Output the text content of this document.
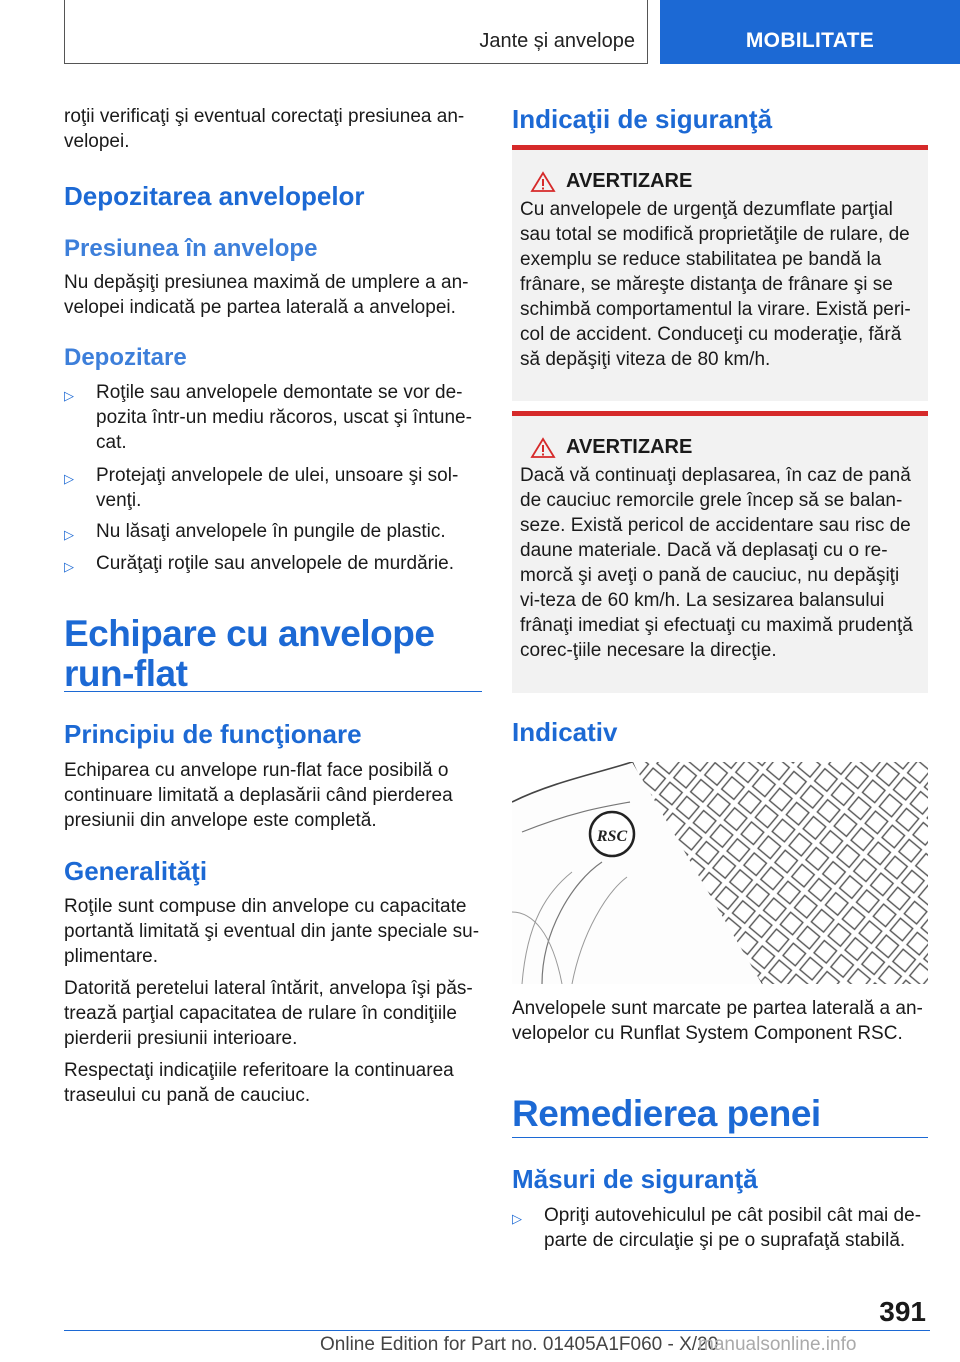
Jante și anvelope	MOBILITATE

roţii verificaţi şi eventual corectaţi presiunea an-velopei.

Depozitarea anvelopelor
Presiunea în anvelope

Nu depăşiţi presiunea maximă de umplere a an-velopei indicată pe partea laterală a anvelopei.

Depozitare
▷ Roţile sau anvelopele demontate se vor de-pozita într-un mediu răcoros, uscat şi întune-cat.
▷ Protejaţi anvelopele de ulei, unsoare şi sol-venţi.
▷ Nu lăsaţi anvelopele în pungile de plastic.
▷ Curăţaţi roţile sau anvelopele de murdărie.
Echipare cu anvelope run-flat
Principiu de funcţionare

Echiparea cu anvelope run-flat face posibilă o continuare limitată a deplasării când pierderea presiunii din anvelope este completă.

Generalităţi

Roţile sunt compuse din anvelope cu capacitate portantă limitată şi eventual din jante speciale su-plimentare.

Datorită peretelui lateral întărit, anvelopa îşi păs-trează parţial capacitatea de rulare în condiţiile pierderii presiunii interioare.

Respectaţi indicaţiile referitoare la continuarea traseului cu pană de cauciuc.

Indicaţii de siguranţă
AVERTIZARE

Cu anvelopele de urgenţă dezumflate parţial sau total se modifică proprietăţile de rulare, de exemplu se reduce stabilitatea pe bandă la frânare, se măreşte distanţa de frânare şi se schimbă comportamentul la virare. Există peri-col de accident. Conduceţi cu moderaţie, fără să depăşiţi viteza de 80 km/h.

AVERTIZARE

Dacă vă continuaţi deplasarea, în caz de pană de cauciuc remorcile grele încep să se balan-seze. Există pericol de accidentare sau risc de daune materiale. Dacă vă deplasaţi cu o re-morcă şi aveţi o pană de cauciuc, nu depăşiţi vi-teza de 60 km/h. La sesizarea balansului frânaţi imediat şi efectuaţi cu maximă prudenţă corec-ţiile necesare la direcţie.

Indicativ
RSC

Anvelopele sunt marcate pe partea laterală a an-velopelor cu Runflat System Component RSC.

Remedierea penei
Măsuri de siguranţă
▷ Opriţi autovehiculul pe cât posibil cât mai de-parte de circulaţie şi pe o suprafaţă stabilă.
391
Online Edition for Part no. 01405A1F060 - X/20
manualsonline.info
